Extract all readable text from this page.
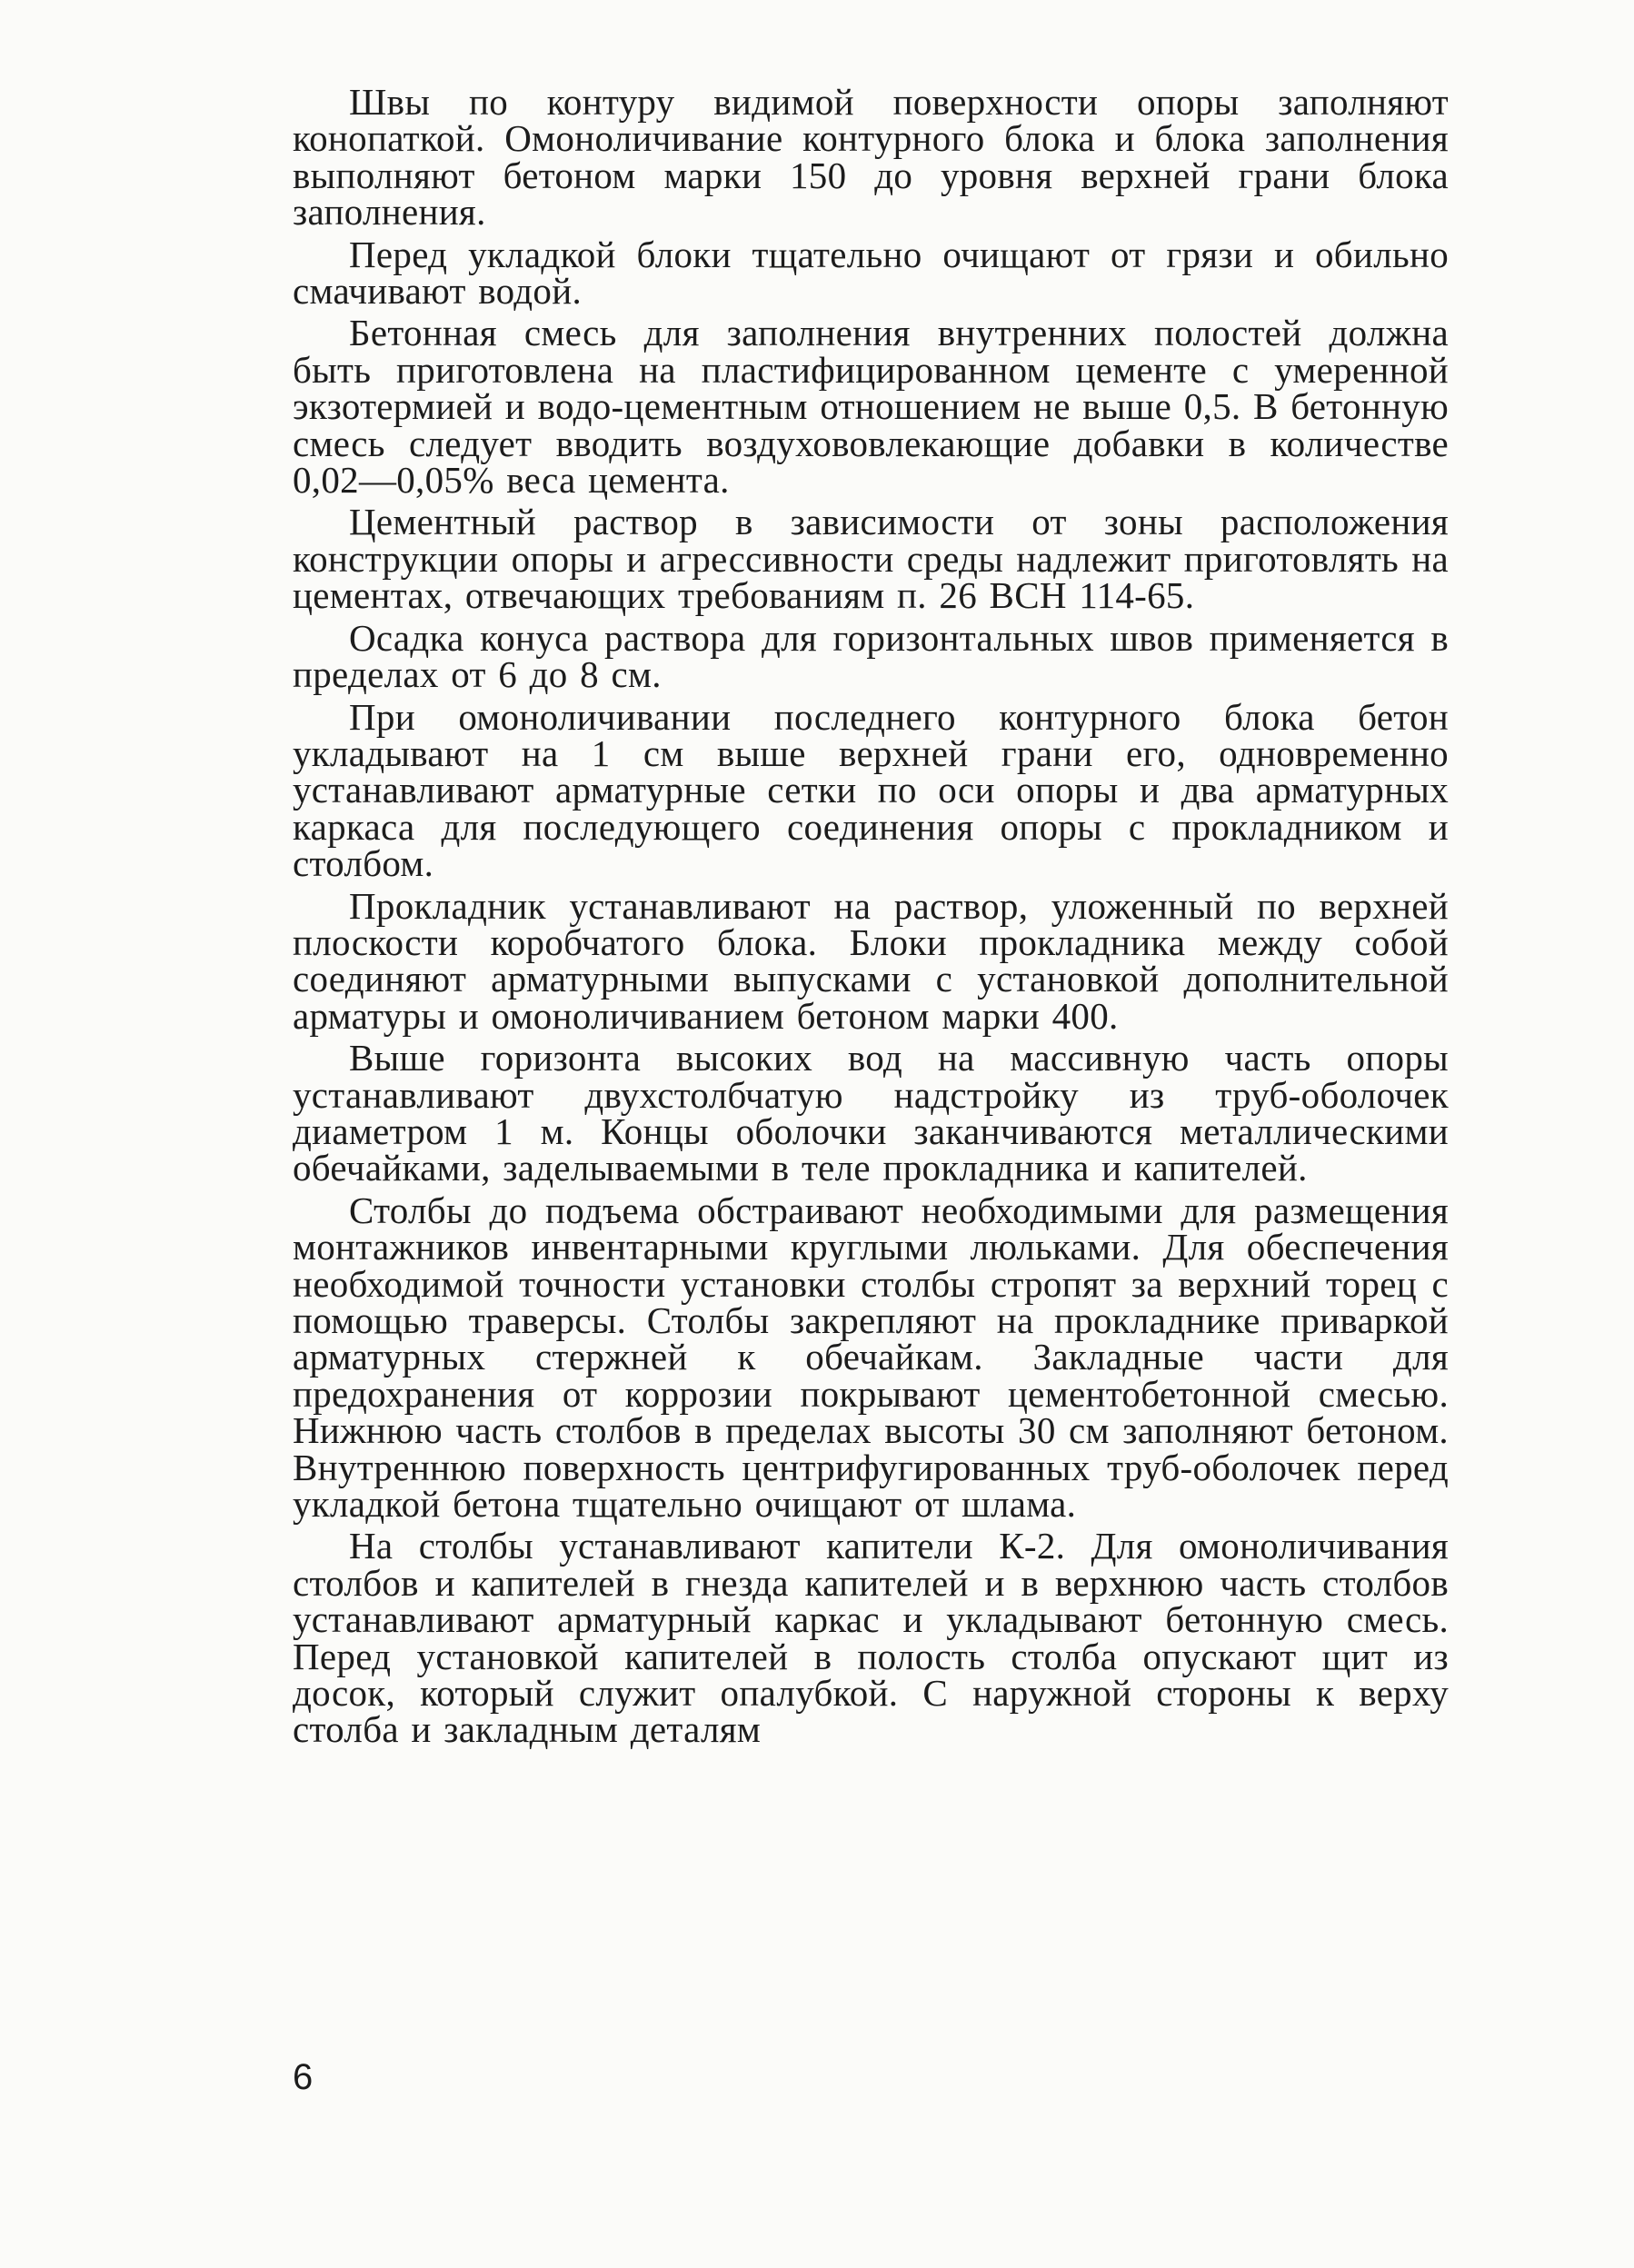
Швы по контуру видимой поверхности опоры заполняют конопаткой. Омоноличивание контурного блока и блока заполнения выполняют бетоном марки 150 до уровня верхней грани блока заполнения.

Перед укладкой блоки тщательно очищают от грязи и обильно смачивают водой.

Бетонная смесь для заполнения внутренних полостей должна быть приготовлена на пластифицированном цементе с умеренной экзотермией и водо-цементным отношением не выше 0,5. В бетонную смесь следует вводить воздухововлекающие добавки в количестве 0,02—0,05% веса цемента.

Цементный раствор в зависимости от зоны расположения конструкции опоры и агрессивности среды надлежит приготовлять на цементах, отвечающих требованиям п. 26 ВСН 114-65.

Осадка конуса раствора для горизонтальных швов применяется в пределах от 6 до 8 см.

При омоноличивании последнего контурного блока бетон укладывают на 1 см выше верхней грани его, одновременно устанавливают арматурные сетки по оси опоры и два арматурных каркаса для последующего соединения опоры с прокладником и столбом.

Прокладник устанавливают на раствор, уложенный по верхней плоскости коробчатого блока. Блоки прокладника между собой соединяют арматурными выпусками с установкой дополнительной арматуры и омоноличиванием бетоном марки 400.

Выше горизонта высоких вод на массивную часть опоры устанавливают двухстолбчатую надстройку из труб-оболочек диаметром 1 м. Концы оболочки заканчиваются металлическими обечайками, заделываемыми в теле прокладника и капителей.

Столбы до подъема обстраивают необходимыми для размещения монтажников инвентарными круглыми люльками. Для обеспечения необходимой точности установки столбы стропят за верхний торец с помощью траверсы. Столбы закрепляют на прокладнике приваркой арматурных стержней к обечайкам. Закладные части для предохранения от коррозии покрывают цементобетонной смесью. Нижнюю часть столбов в пределах высоты 30 см заполняют бетоном. Внутреннюю поверхность центрифугированных труб-оболочек перед укладкой бетона тщательно очищают от шлама.

На столбы устанавливают капители К-2. Для омоноличивания столбов и капителей в гнезда капителей и в верхнюю часть столбов устанавливают арматурный каркас и укладывают бетонную смесь. Перед установкой капителей в полость столба опускают щит из досок, который служит опалубкой. С наружной стороны к верху столба и закладным деталям

6
